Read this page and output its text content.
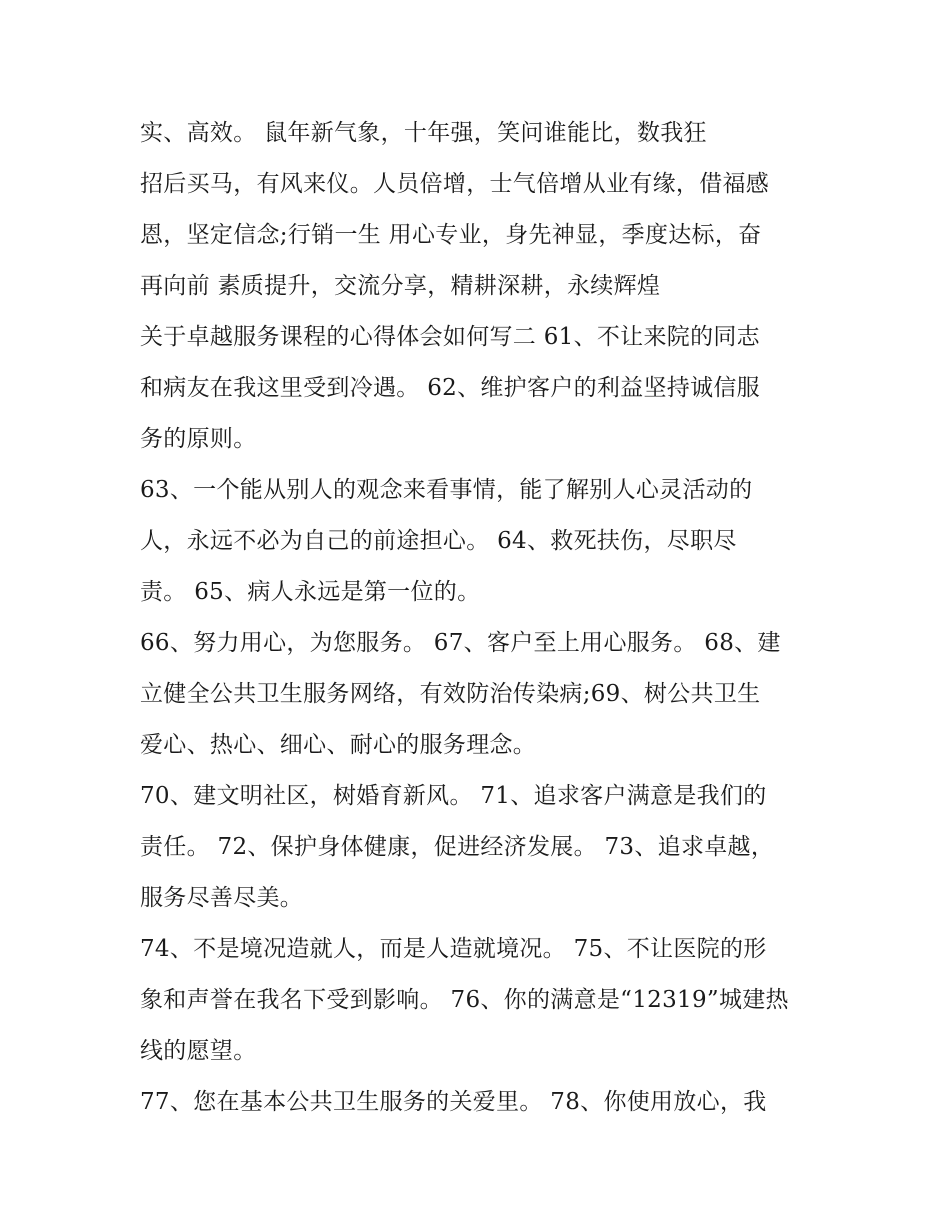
实、高效。 鼠年新气象，十年强，笑问谁能比，数我狂
招后买马，有风来仪。人员倍增，士气倍增从业有缘，借福感
恩，坚定信念;行销一生 用心专业，身先神显，季度达标，奋
再向前 素质提升，交流分享，精耕深耕，永续辉煌
关于卓越服务课程的心得体会如何写二 61、不让来院的同志
和病友在我这里受到冷遇。 62、维护客户的利益坚持诚信服
务的原则。
63、一个能从别人的观念来看事情，能了解别人心灵活动的
人，永远不必为自己的前途担心。 64、救死扶伤，尽职尽
责。 65、病人永远是第一位的。
66、努力用心，为您服务。 67、客户至上用心服务。 68、建
立健全公共卫生服务网络，有效防治传染病;69、树公共卫生
爱心、热心、细心、耐心的服务理念。
70、建文明社区，树婚育新风。 71、追求客户满意是我们的
责任。 72、保护身体健康，促进经济发展。 73、追求卓越，
服务尽善尽美。
74、不是境况造就人，而是人造就境况。 75、不让医院的形
象和声誉在我名下受到影响。 76、你的满意是“12319”城建热
线的愿望。
77、您在基本公共卫生服务的关爱里。 78、你使用放心，我
